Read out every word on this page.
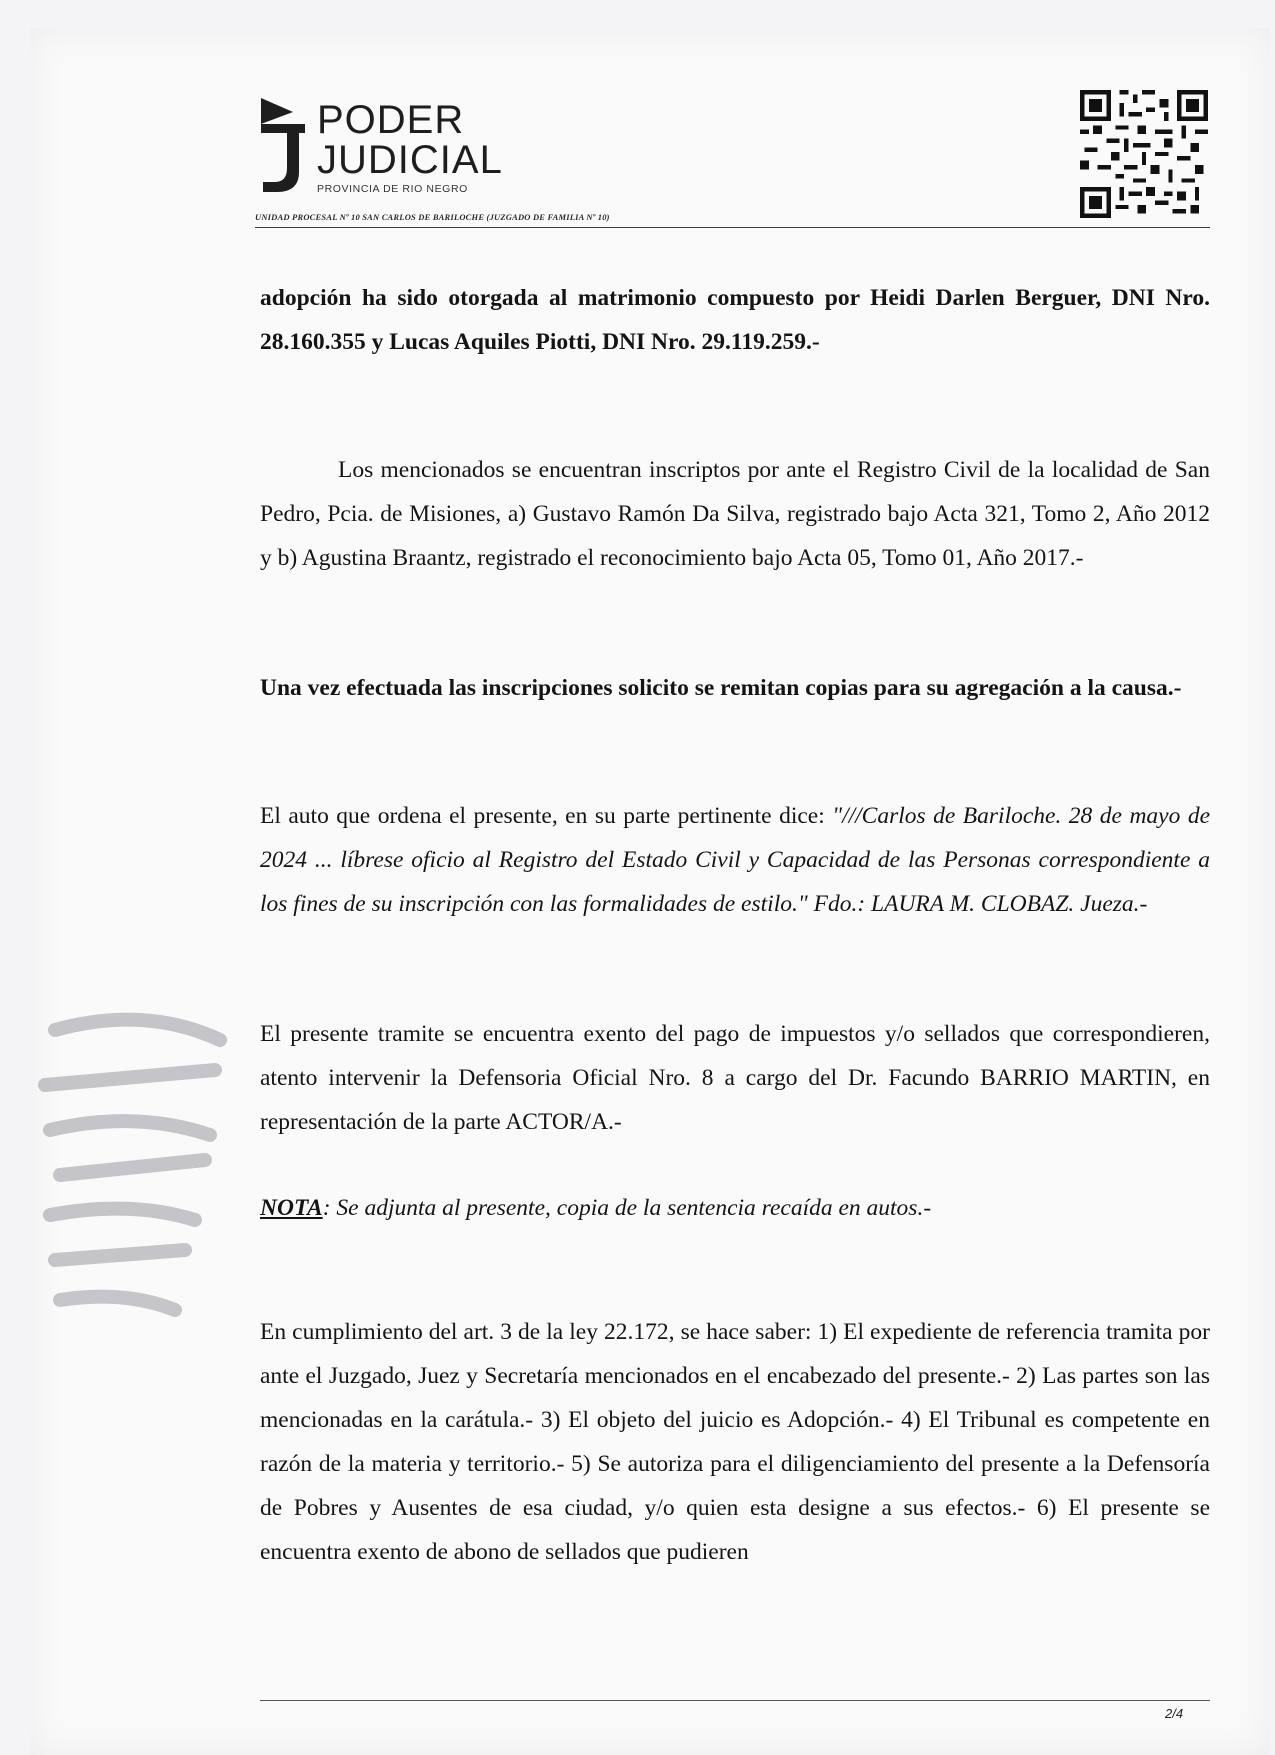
PODER
JUDICIAL
PROVINCIA DE RIO NEGRO
UNIDAD PROCESAL Nº 10 SAN CARLOS DE BARILOCHE (JUZGADO DE FAMILIA Nº 10)

adopción ha sido otorgada al matrimonio compuesto por Heidi Darlen Berguer, DNI Nro. 28.160.355 y Lucas Aquiles Piotti, DNI Nro. 29.119.259.-

Los mencionados se encuentran inscriptos por ante el Registro Civil de la localidad de San Pedro, Pcia. de Misiones, a) Gustavo Ramón Da Silva, registrado bajo Acta 321, Tomo 2, Año 2012 y b) Agustina Braantz, registrado el reconocimiento bajo Acta 05, Tomo 01, Año 2017.-

Una vez efectuada las inscripciones solicito se remitan copias para su agregación a la causa.-

El auto que ordena el presente, en su parte pertinente dice: "///Carlos de Bariloche. 28 de mayo de 2024 ... líbrese oficio al Registro del Estado Civil y Capacidad de las Personas correspondiente a los fines de su inscripción con las formalidades de estilo." Fdo.: LAURA M. CLOBAZ. Jueza.-

El presente tramite se encuentra exento del pago de impuestos y/o sellados que correspondieren, atento intervenir la Defensoria Oficial Nro. 8 a cargo del Dr. Facundo BARRIO MARTIN, en representación de la parte ACTOR/A.-

NOTA: Se adjunta al presente, copia de la sentencia recaída en autos.-

En cumplimiento del art. 3 de la ley 22.172, se hace saber: 1) El expediente de referencia tramita por ante el Juzgado, Juez y Secretaría mencionados en el encabezado del presente.- 2) Las partes son las mencionadas en la carátula.- 3) El objeto del juicio es Adopción.- 4) El Tribunal es competente en razón de la materia y territorio.- 5) Se autoriza para el diligenciamiento del presente a la Defensoría de Pobres y Ausentes de esa ciudad, y/o quien esta designe a sus efectos.- 6) El presente se encuentra exento de abono de sellados que pudieren

2/4
